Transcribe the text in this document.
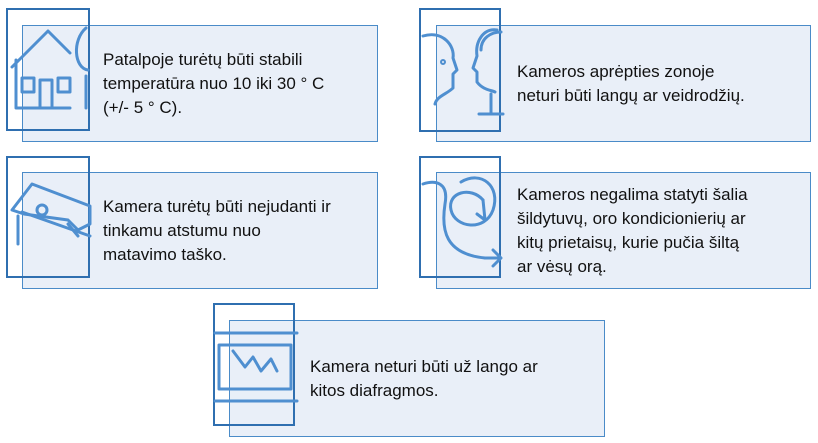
Patalpoje turėtų būti stabili
temperatūra nuo 10 iki 30 ° C
(+/- 5 ° C).
Kameros aprėpties zonoje
neturi būti langų ar veidrodžių.
Kamera turėtų būti nejudanti ir
tinkamu atstumu nuo
matavimo taško.
Kameros negalima statyti šalia
šildytuvų, oro kondicionierių ar
kitų prietaisų, kurie pučia šiltą
ar vėsų orą.
Kamera neturi būti už lango ar
kitos diafragmos.
